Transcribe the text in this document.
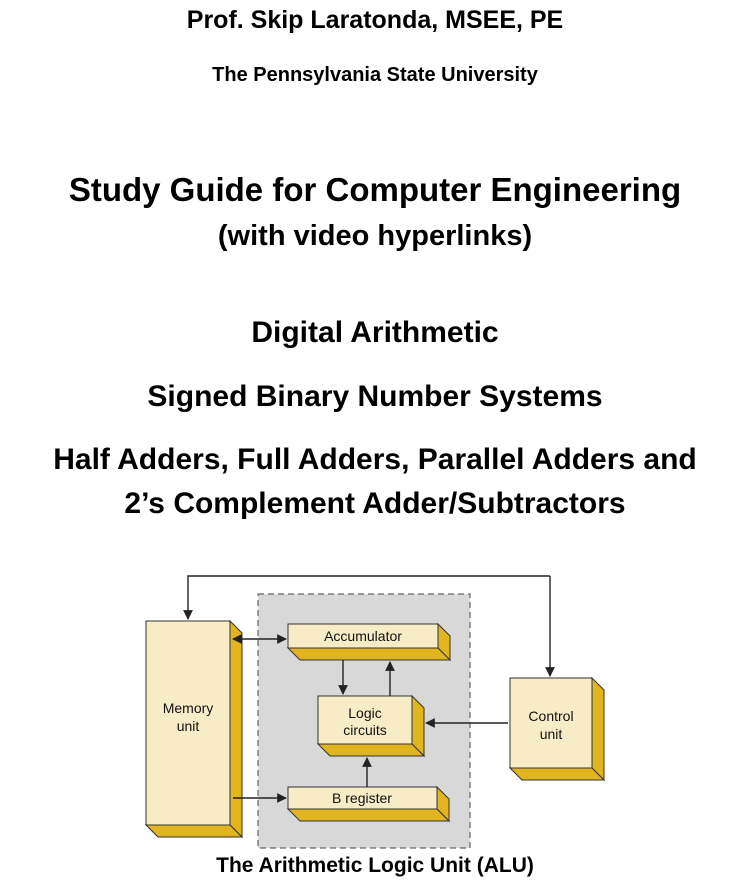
Prof. Skip Laratonda, MSEE, PE
The Pennsylvania State University
Study Guide for Computer Engineering
(with video hyperlinks)
Digital Arithmetic
Signed Binary Number Systems
Half Adders, Full Adders, Parallel Adders and
2’s Complement Adder/Subtractors
Memory
unit
Accumulator
Logic
circuits
B register
Control
unit
The Arithmetic Logic Unit (ALU)
